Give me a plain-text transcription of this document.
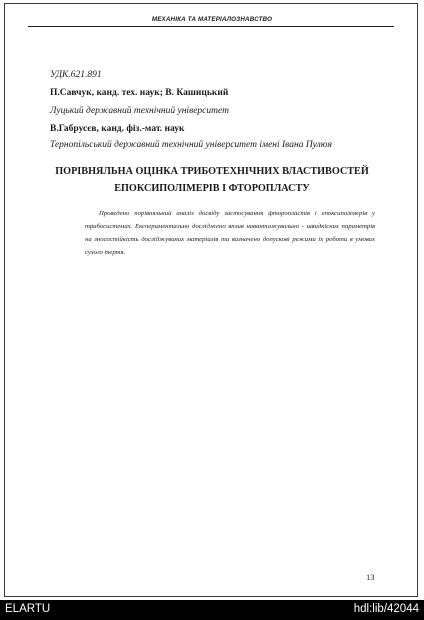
МЕХАНІКА ТА МАТЕРІАЛОЗНАВСТВО
УДК.621.891
П.Савчук, канд. тех. наук; В. Кашицький
Луцький державний технічний університет
В.Габрусєв, канд. фіз.-мат. наук
Тернопільський державний технічний університет імені Івана Пулюя
ПОРІВНЯЛЬНА ОЦІНКА ТРИБОТЕХНІЧНИХ ВЛАСТИВОСТЕЙ
ЕПОКСИПОЛІМЕРІВ І ФТОРОПЛАСТУ
Проведено порівняльний аналіз досвіду застосування фторопластів і епоксиполімерів у трибосистемах. Експериментально досліджено вплив навантажувально - швидкісних параметрів на зносостійкість досліджуваних матеріалів та визначено допускові режими їх роботи в умовах сухого тертя.
13
ELARTU	hdl:lib/42044
